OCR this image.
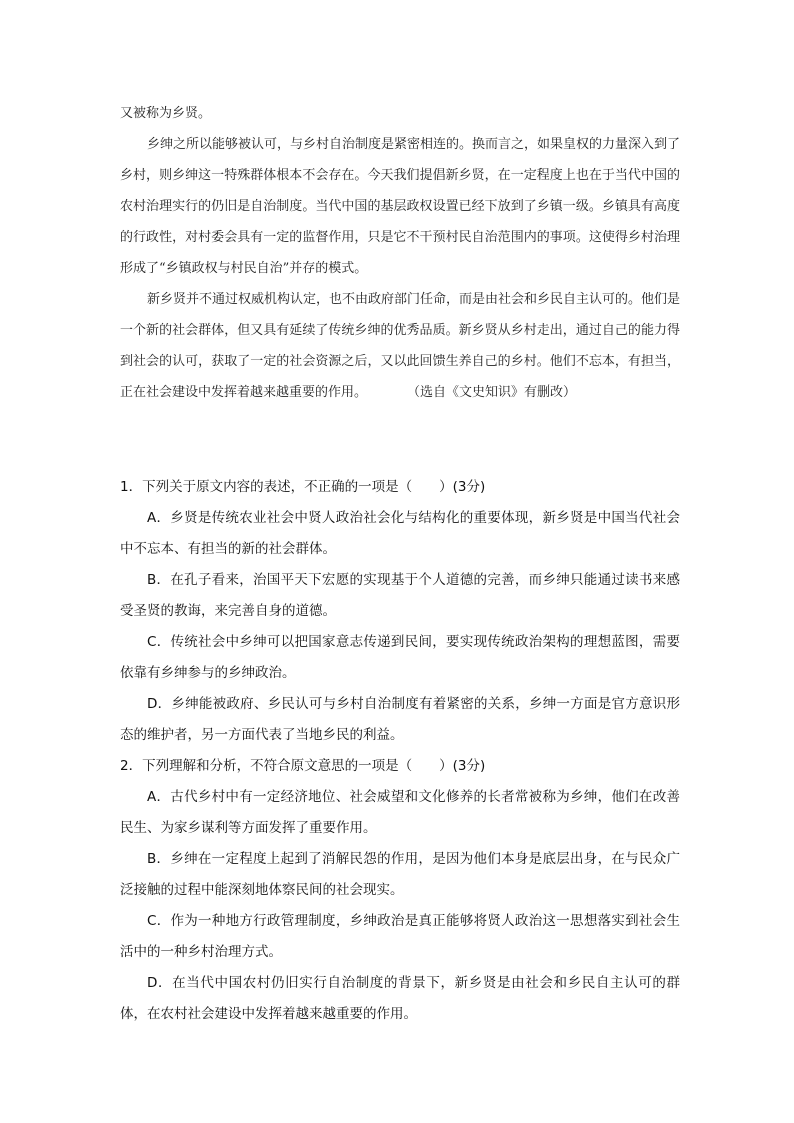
又被称为乡贤。

乡绅之所以能够被认可，与乡村自治制度是紧密相连的。换而言之，如果皇权的力量深入到了乡村，则乡绅这一特殊群体根本不会存在。今天我们提倡新乡贤，在一定程度上也在于当代中国的农村治理实行的仍旧是自治制度。当代中国的基层政权设置已经下放到了乡镇一级。乡镇具有高度的行政性，对村委会具有一定的监督作用，只是它不干预村民自治范围内的事项。这使得乡村治理形成了“乡镇政权与村民自治”并存的模式。

新乡贤并不通过权威机构认定，也不由政府部门任命，而是由社会和乡民自主认可的。他们是一个新的社会群体，但又具有延续了传统乡绅的优秀品质。新乡贤从乡村走出，通过自己的能力得到社会的认可，获取了一定的社会资源之后，又以此回馈生养自己的乡村。他们不忘本，有担当，正在社会建设中发挥着越来越重要的作用。	（选自《文史知识》有删改）

1．下列关于原文内容的表述，不正确的一项是（　　）(3分)

A．乡贤是传统农业社会中贤人政治社会化与结构化的重要体现，新乡贤是中国当代社会中不忘本、有担当的新的社会群体。

B．在孔子看来，治国平天下宏愿的实现基于个人道德的完善，而乡绅只能通过读书来感受圣贤的教诲，来完善自身的道德。

C．传统社会中乡绅可以把国家意志传递到民间，要实现传统政治架构的理想蓝图，需要依靠有乡绅参与的乡绅政治。

D．乡绅能被政府、乡民认可与乡村自治制度有着紧密的关系，乡绅一方面是官方意识形态的维护者，另一方面代表了当地乡民的利益。

2．下列理解和分析，不符合原文意思的一项是（　　）(3分)

A．古代乡村中有一定经济地位、社会威望和文化修养的长者常被称为乡绅，他们在改善民生、为家乡谋利等方面发挥了重要作用。

B．乡绅在一定程度上起到了消解民怨的作用，是因为他们本身是底层出身，在与民众广泛接触的过程中能深刻地体察民间的社会现实。

C．作为一种地方行政管理制度，乡绅政治是真正能够将贤人政治这一思想落实到社会生活中的一种乡村治理方式。

D．在当代中国农村仍旧实行自治制度的背景下，新乡贤是由社会和乡民自主认可的群体，在农村社会建设中发挥着越来越重要的作用。
